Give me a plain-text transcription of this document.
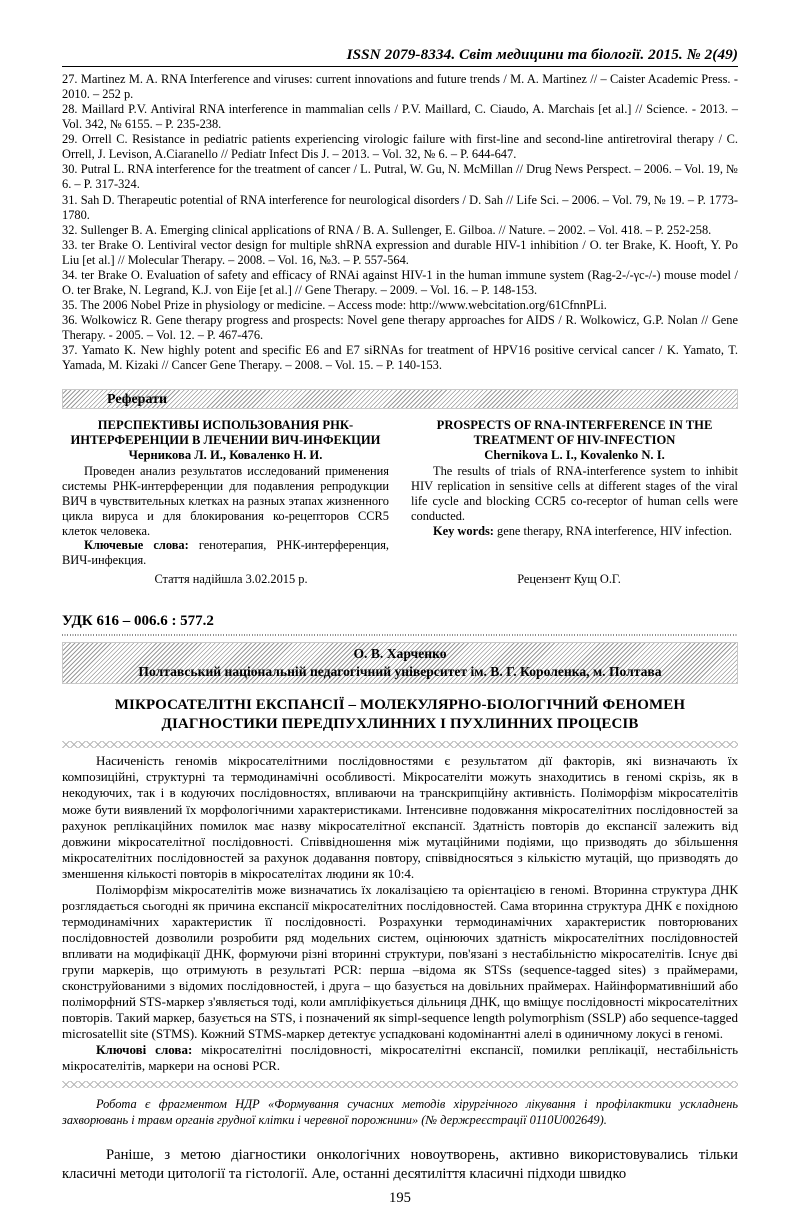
ISSN 2079-8334. Світ медицини та біології. 2015. № 2(49)

27. Martinez M. A. RNA Interference and viruses: current innovations and future trends / M. A. Martinez // – Caister Academic Press. - 2010. – 252 p.

28. Maillard P.V. Antiviral RNA interference in mammalian cells / P.V. Maillard, C. Ciaudo, A. Marchais [et al.] // Science. - 2013. – Vol. 342, № 6155. – P. 235-238.

29. Orrell C. Resistance in pediatric patients experiencing virologic failure with first-line and second-line antiretroviral therapy / C. Orrell, J. Levison, A.Ciaranello // Pediatr Infect Dis J. – 2013. – Vol. 32, № 6. – P. 644-647.

30. Putral L. RNA interference for the treatment of cancer / L. Putral, W. Gu, N. McMillan // Drug News Perspect. – 2006. – Vol. 19, № 6. – P. 317-324.

31. Sah D. Therapeutic potential of RNA interference for neurological disorders / D. Sah // Life Sci. – 2006. – Vol. 79, № 19. – P. 1773-1780.

32. Sullenger B. A. Emerging clinical applications of RNA / B. A. Sullenger, E. Gilboa. // Nature. – 2002. – Vol. 418. – P. 252-258.

33. ter Brake O. Lentiviral vector design for multiple shRNA expression and durable HIV-1 inhibition / O. ter Brake, K. Hooft, Y. Po Liu [et al.] // Molecular Therapy. – 2008. – Vol. 16, №3. – P. 557-564.

34. ter Brake O. Evaluation of safety and efficacy of RNAi against HIV-1 in the human immune system (Rag-2-/-γc-/-) mouse model / O. ter Brake, N. Legrand, K.J. von Eije [et al.] // Gene Therapy. – 2009. – Vol. 16. – P. 148-153.

35. The 2006 Nobel Prize in physiology or medicine. – Access mode: http://www.webcitation.org/61CfnnPLi.

36. Wolkowicz R. Gene therapy progress and prospects: Novel gene therapy approaches for AIDS / R. Wolkowicz, G.P. Nolan // Gene Therapy. - 2005. – Vol. 12. – P. 467-476.

37. Yamato K. New highly potent and specific E6 and E7 siRNAs for treatment of HPV16 positive cervical cancer / K. Yamato, T. Yamada, M. Kizaki // Cancer Gene Therapy. – 2008. – Vol. 15. – P. 140-153.

Реферати
ПЕРСПЕКТИВЫ ИСПОЛЬЗОВАНИЯ РНК-ИНТЕРФЕРЕНЦИИ В ЛЕЧЕНИИ ВИЧ-ИНФЕКЦИИ
Черникова Л. И., Коваленко Н. И.
Проведен анализ результатов исследований применения системы РНК-интерференции для подавления репродукции ВИЧ в чувствительных клетках на разных этапах жизненного цикла вируса и для блокирования ко-рецепторов CCR5 клеток человека.
Ключевые слова: генотерапия, РНК-интерференция, ВИЧ-инфекция.
PROSPECTS OF RNA-INTERFERENCE IN THE TREATMENT OF HIV-INFECTION
Chernikova L. I., Kovalenko N. I.
The results of trials of RNA-interference system to inhibit HIV replication in sensitive cells at different stages of the viral life cycle and blocking CCR5 co-receptor of human cells were conducted.
Key words: gene therapy, RNA interference, HIV infection.
Стаття надійшла 3.02.2015 р.	Рецензент Кущ О.Г.
УДК 616 – 006.6 : 577.2
О. В. Харченко
Полтавський національній педагогічний університет ім. В. Г. Короленка, м. Полтава
МІКРОСАТЕЛІТНІ ЕКСПАНСІЇ – МОЛЕКУЛЯРНО-БІОЛОГІЧНИЙ ФЕНОМЕН
ДІАГНОСТИКИ ПЕРЕДПУХЛИННИХ І ПУХЛИННИХ ПРОЦЕСІВ

Насиченість геномів мікросателітними послідовностями є результатом дії факторів, які визначають їх композиційні, структурні та термодинамічні особливості. Мікросателіти можуть знаходитись в геномі скрізь, як в некодуючих, так і в кодуючих послідовностях, впливаючи на транскрипційну активність. Поліморфізм мікросателітів може бути виявлений їх морфологічними характеристиками. Інтенсивне подовжання мікросателітних послідовностей за рахунок реплікаційних помилок має назву мікросателітної експансії. Здатність повторів до експансії залежить від довжини мікросателітної послідовності. Співвідношення між мутаційними подіями, що призводять до збільшення мікросателітних послідовностей за рахунок додавання повтору, співвідносяться з кількістю мутацій, що призводять до зменшення кількості повторів в мікросателітах людини як 10:4.

Поліморфізм мікросателітів може визначатись їх локалізацією та орієнтацією в геномі. Вторинна структура ДНК розглядається сьогодні як причина експансії мікросателітних послідовностей. Сама вторинна структура ДНК є похідною термодинамічних характеристик її послідовності. Розрахунки термодинамічних характеристик повторюваних послідовностей дозволили розробити ряд модельних систем, оцінюючих здатність мікросателітних послідовностей впливати на модифікації ДНК, формуючи різні вторинні структури, пов'язані з нестабільністю мікросателітів. Існує дві групи маркерів, що отримують в результаті PCR: перша –відома як STSs (sequence-tagged sites) з праймерами, сконструйованими з відомих послідовностей, і друга – що базується на довільних праймерах. Найінформативніший або поліморфний STS-маркер з'являється тоді, коли ампліфікується дільниця ДНК, що вміщує послідовності мікросателітних повторів. Такий маркер, базується на STS, і позначений як simpl-sequence length polymorphism (SSLP) або sequence-tagged microsatellit site (STMS). Кожний STMS-маркер детектує успадковані кодомінантні алелі в одиничному локусі в геномі.

Ключові слова: мікросателітні послідовності, мікросателітні експансії, помилки реплікації, нестабільність мікросателітів, маркери на основі PCR.

Робота є фрагментом НДР «Формування сучасних методів хірургічного лікування і профілактики ускладнень захворювань і травм органів грудної клітки і черевної порожнини» (№ держреєстрації 0110U002649).
Раніше, з метою діагностики онкологічних новоутворень, активно використовувались тільки класичні методи цитології та гістології. Але, останні десятиліття класичні підходи швидко
195
